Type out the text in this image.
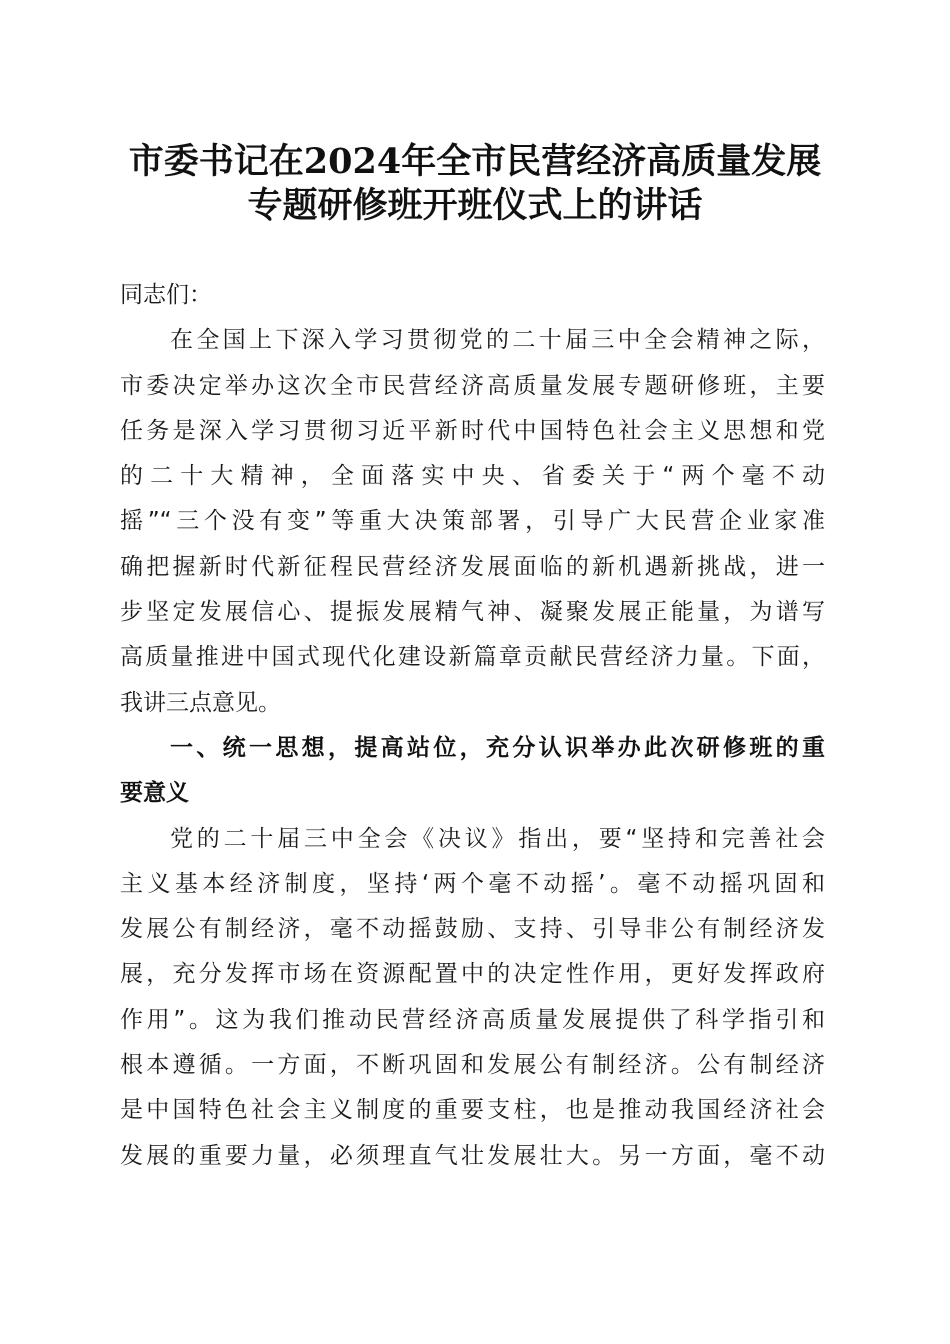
市委书记在2024年全市民营经济高质量发展
专题研修班开班仪式上的讲话
同志们：
在全国上下深入学习贯彻党的二十届三中全会精神之际，
市委决定举办这次全市民营经济高质量发展专题研修班，主要
任务是深入学习贯彻习近平新时代中国特色社会主义思想和党
的二十大精神，全面落实中央、省委关于“两个毫不动
摇”“三个没有变”等重大决策部署，引导广大民营企业家准
确把握新时代新征程民营经济发展面临的新机遇新挑战，进一
步坚定发展信心、提振发展精气神、凝聚发展正能量，为谱写
高质量推进中国式现代化建设新篇章贡献民营经济力量。下面，
我讲三点意见。
一、统一思想，提高站位，充分认识举办此次研修班的重
要意义
党的二十届三中全会《决议》指出，要“坚持和完善社会
主义基本经济制度，坚持‘两个毫不动摇’。毫不动摇巩固和
发展公有制经济，毫不动摇鼓励、支持、引导非公有制经济发
展，充分发挥市场在资源配置中的决定性作用，更好发挥政府
作用”。这为我们推动民营经济高质量发展提供了科学指引和
根本遵循。一方面，不断巩固和发展公有制经济。公有制经济
是中国特色社会主义制度的重要支柱，也是推动我国经济社会
发展的重要力量，必须理直气壮发展壮大。另一方面，毫不动
